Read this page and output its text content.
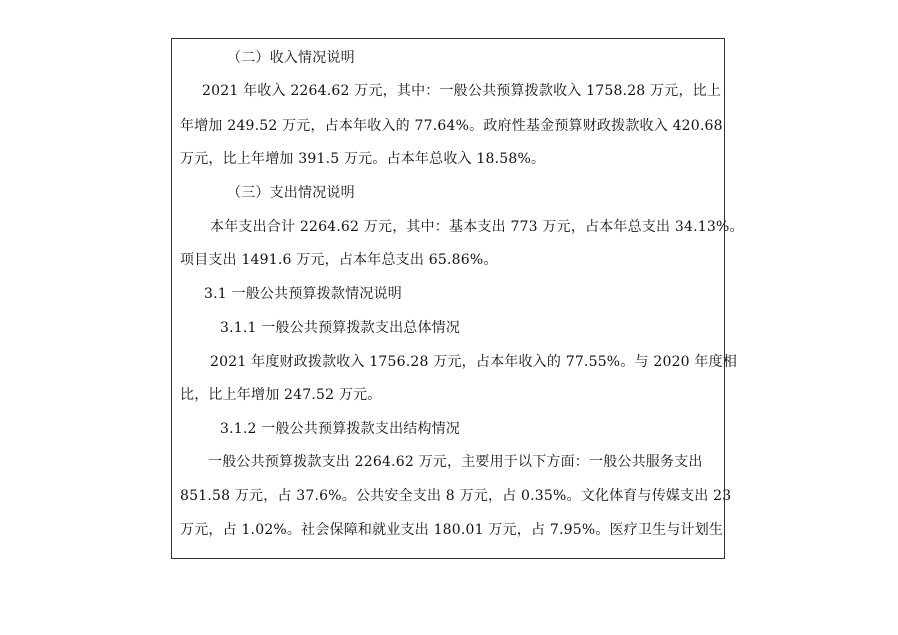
（二）收入情况说明
2021 年收入 2264.62 万元，其中：一般公共预算拨款收入 1758.28 万元，比上
年增加 249.52 万元，占本年收入的 77.64%。政府性基金预算财政拨款收入 420.68
万元，比上年增加 391.5 万元。占本年总收入 18.58%。
（三）支出情况说明
本年支出合计 2264.62 万元，其中：基本支出 773 万元，占本年总支出 34.13%。
项目支出 1491.6 万元，占本年总支出 65.86%。
3.1 一般公共预算拨款情况说明
3.1.1 一般公共预算拨款支出总体情况
2021 年度财政拨款收入 1756.28 万元，占本年收入的 77.55%。与 2020 年度相
比，比上年增加 247.52 万元。
3.1.2 一般公共预算拨款支出结构情况
一般公共预算拨款支出 2264.62 万元，主要用于以下方面：一般公共服务支出
851.58 万元，占 37.6%。公共安全支出 8 万元，占 0.35%。文化体育与传媒支出 23
万元，占 1.02%。社会保障和就业支出 180.01 万元，占 7.95%。医疗卫生与计划生
